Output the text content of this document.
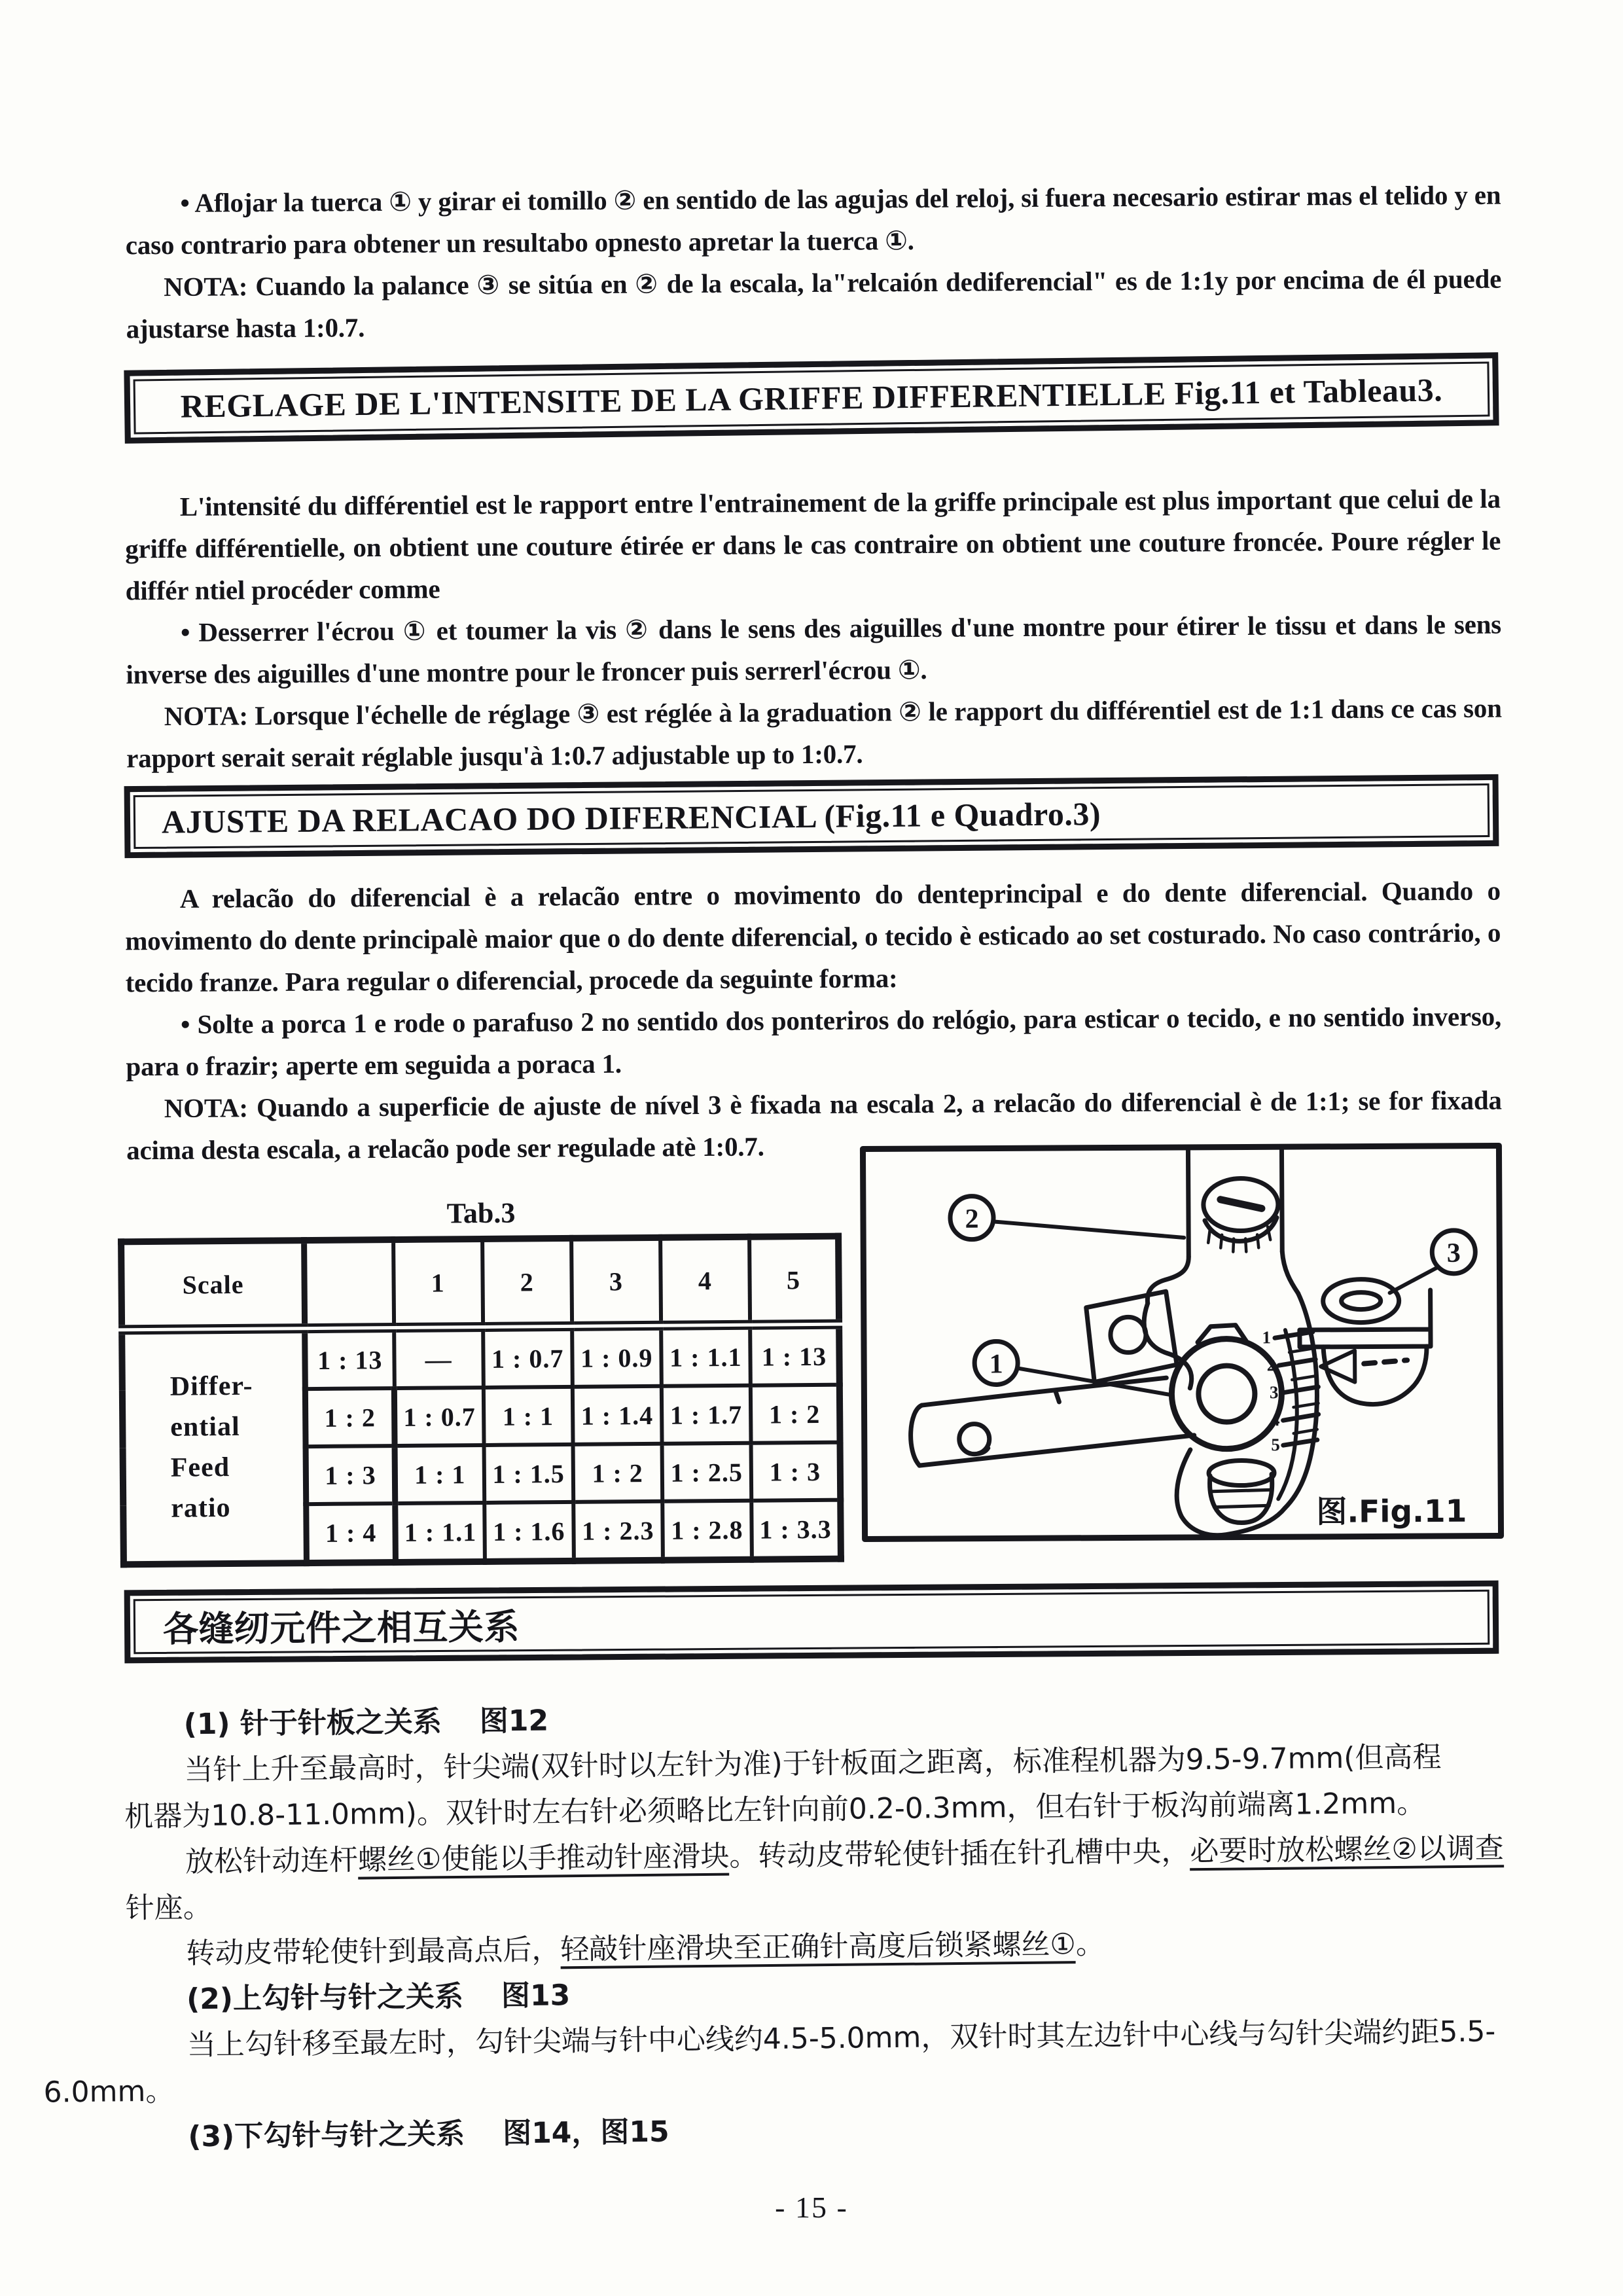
• Aflojar la tuerca ① y girar ei tomillo ② en sentido de las agujas del reloj, si fuera necesario estirar mas el telido y en caso contrario para obtener un resultabo opnesto apretar la tuerca ①.

NOTA: Cuando la palance ③ se sitúa en ② de la escala, la"relcaión dediferencial" es de 1:1y por encima de él puede ajustarse hasta 1:0.7.

REGLAGE DE L'INTENSITE DE LA GRIFFE DIFFERENTIELLE Fig.11 et Tableau3.

L'intensité du différentiel est le rapport entre l'entrainement de la griffe principale est plus important que celui de la griffe différentielle, on obtient une couture étirée er dans le cas contraire on obtient une couture froncée. Poure régler le différ ntiel procéder comme

• Desserrer l'écrou ① et toumer la vis ② dans le sens des aiguilles d'une montre pour étirer le tissu et dans le sens inverse des aiguilles d'une montre pour le froncer puis serrerl'écrou ①.

NOTA: Lorsque l'échelle de réglage ③ est réglée à la graduation ② le rapport du différentiel est de 1:1 dans ce cas son rapport serait serait réglable jusqu'à 1:0.7 adjustable up to 1:0.7.

AJUSTE DA RELACAO DO DIFERENCIAL (Fig.11 e Quadro.3)

A relacão do diferencial è a relacão entre o movimento do denteprincipal e do dente diferencial. Quando o movimento do dente principalè maior que o do dente diferencial, o tecido è esticado ao set costurado. No caso contrário, o tecido franze. Para regular o diferencial, procede da seguinte forma:

• Solte a porca 1 e rode o parafuso 2 no sentido dos ponteriros do relógio, para esticar o tecido, e no sentido inverso, para o frazir; aperte em seguida a poraca 1.

NOTA: Quando a superficie de ajuste de nível 3 è fixada na escala 2, a relacão do diferencial è de 1:1; se for fixada acima desta escala, a relacão pode ser regulade atè 1:0.7.

Tab.3
Scale		1	2	3	4	5

Differ-
ential
Feed
ratio	1 : 13	—	1 : 0.7	1 : 0.9	1 : 1.1	1 : 13
	1 : 2	1 : 0.7	1 : 1	1 : 1.4	1 : 1.7	1 : 2
	1 : 3	1 : 1	1 : 1.5	1 : 2	1 : 2.5	1 : 3
	1 : 4	1 : 1.1	1 : 1.6	1 : 2.3	1 : 2.8	1 : 3.3
2
3
1
1
2
3
4
5
图.Fig.11
各缝纫元件之相互关系
(1) 针于针板之关系 图12
当针上升至最高时，针尖端(双针时以左针为准)于针板面之距离，标准程机器为9.5-9.7mm(但高程
机器为10.8-11.0mm)。双针时左右针必须略比左针向前0.2-0.3mm，但右针于板沟前端离1.2mm。
放松针动连杆螺丝①使能以手推动针座滑块。转动皮带轮使针插在针孔槽中央，必要时放松螺丝②以调查
针座。
转动皮带轮使针到最高点后，轻敲针座滑块至正确针高度后锁紧螺丝①。
(2)上勾针与针之关系 图13
当上勾针移至最左时，勾针尖端与针中心线约4.5-5.0mm，双针时其左边针中心线与勾针尖端约距5.5-
6.0mm。
(3)下勾针与针之关系 图14，图15
- 15 -
